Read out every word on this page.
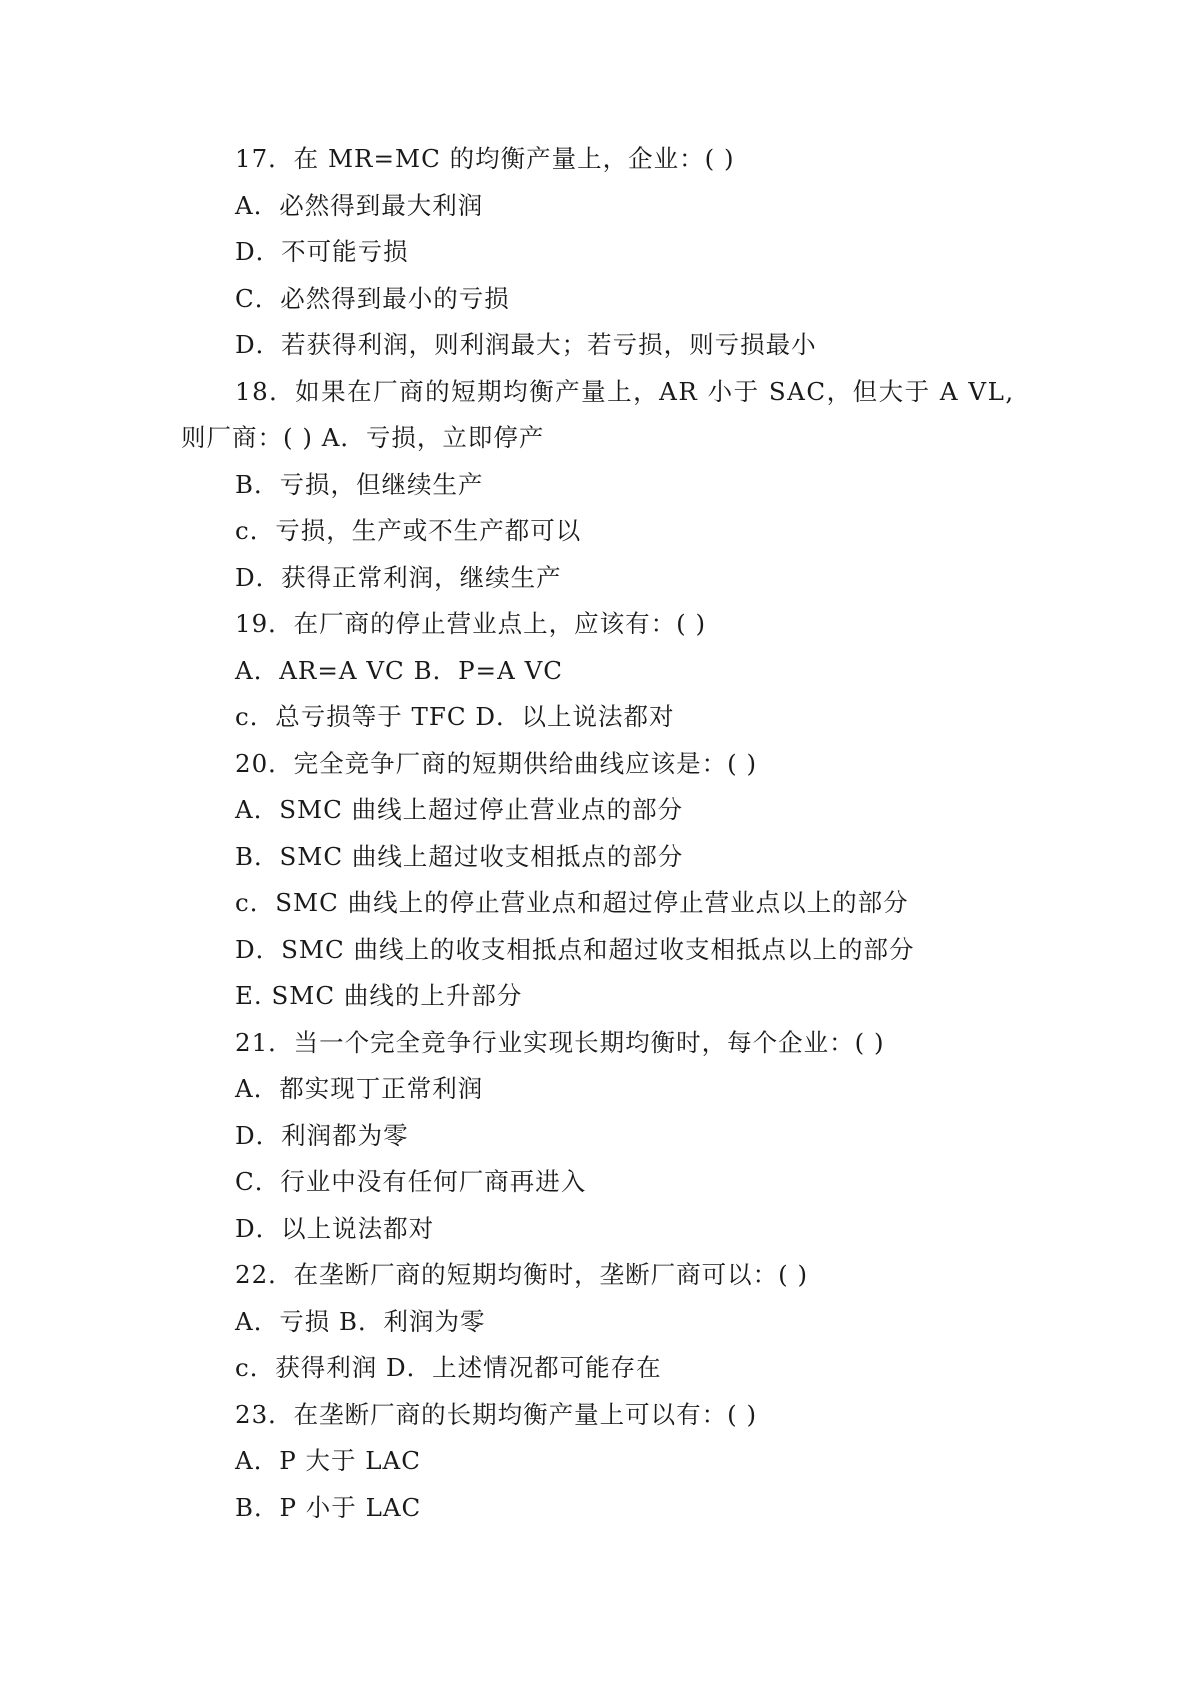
17．在 MR=MC 的均衡产量上，企业：( )
A．必然得到最大利润
D．不可能亏损
C．必然得到最小的亏损
D．若获得利润，则利润最大；若亏损，则亏损最小
18．如果在厂商的短期均衡产量上，AR 小于 SAC，但大于 A VL,
则厂商：( ) A．亏损，立即停产
B．亏损，但继续生产
c．亏损，生产或不生产都可以
D．获得正常利润，继续生产
19．在厂商的停止营业点上，应该有：( )
A．AR=A VC B．P=A VC
c．总亏损等于 TFC D．以上说法都对
20．完全竞争厂商的短期供给曲线应该是：( )
A．SMC 曲线上超过停止营业点的部分
B．SMC 曲线上超过收支相抵点的部分
c．SMC 曲线上的停止营业点和超过停止营业点以上的部分
D．SMC 曲线上的收支相抵点和超过收支相抵点以上的部分
E. SMC 曲线的上升部分
21．当一个完全竞争行业实现长期均衡时，每个企业：( )
A．都实现丁正常利润
D．利润都为零
C．行业中没有任何厂商再进入
D．以上说法都对
22．在垄断厂商的短期均衡时，垄断厂商可以：( )
A．亏损 B．利润为零
c．获得利润 D．上述情况都可能存在
23．在垄断厂商的长期均衡产量上可以有：( )
A．P 大于 LAC
B．P 小于 LAC
